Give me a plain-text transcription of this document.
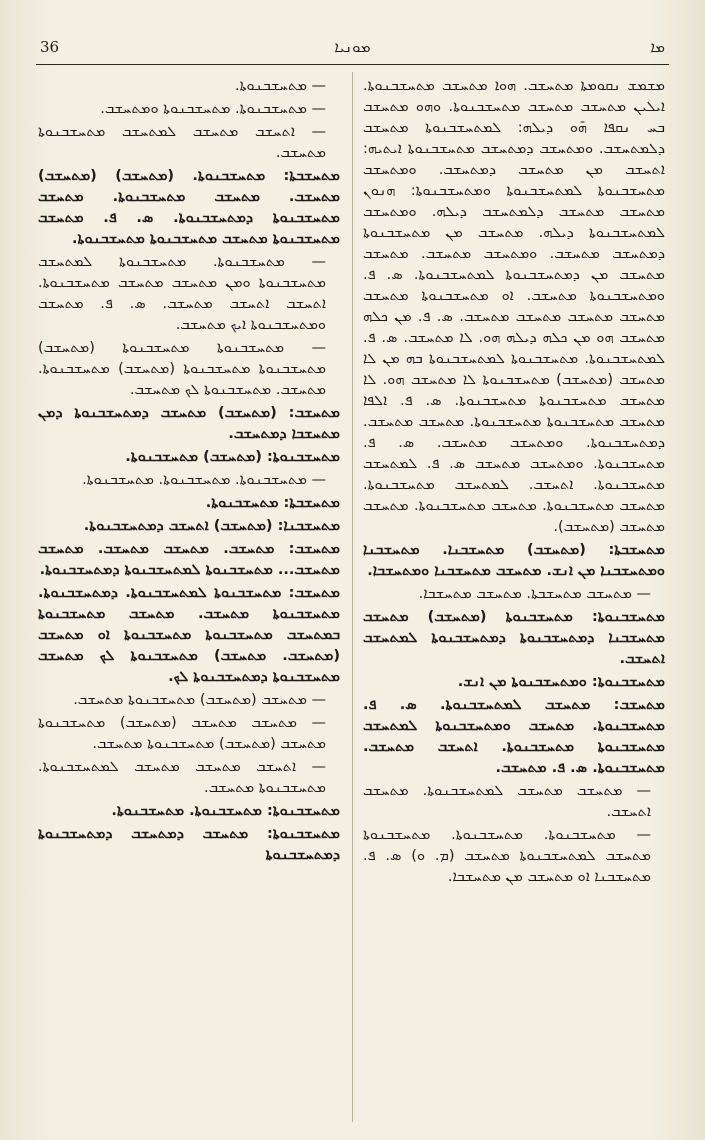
36	ܡܘܢܝܐ	ܡܐ

ܡܫܡܫ ܢܩܘܡܬܐ ܡܬܚܫܒ. ܗܘܐ ܡܬܚܫܒ ܡܬܚܫܒܢܘܬܐ. ܐܝܠܝܢ ܡܬܚܫܒ ܡܬܚܫܒ ܡܬܚܫܒܢܘܬܐ. ܘܗܘ ܡܬܚܫܒ ܒܚ ܢܩܦܐ ܗ̄ܘ ܕܝܠܗ: ܠܡܬܚܫܒܢܘܬܐ ܡܬܚܫܒ ܕܠܡܬܚܫܒ. ܘܡܬܚܫܒ ܕܡܬܚܫܒ ܡܬܚܫܒܢܘܬܐ ܐܝܬܝܗ: ܐܬܚܫܒ ܡܢ ܡܬܚܫܒ ܕܡܬܚܫܒ. ܘܡܬܚܫܒ ܡܬܚܫܒܢܘܬܐ ܠܡܬܚܫܒܢܘܬܐ ܘܡܬܚܫܒܢܘܬܐ: ܗܢܘܢ ܡܬܚܫܒ ܡܬܚܫܒ ܕܠܡܬܚܫܒ ܕܝܠܗ. ܘܡܬܚܫܒ ܠܡܬܚܫܒܢܘܬܐ ܕܝܠܗ. ܡܬܚܫܒ ܡܢ ܡܬܚܫܒܢܘܬܐ ܕܡܬܚܫܒ ܡܬܚܫܒ. ܘܡܬܚܫܒ ܡܬܚܫܒ. ܡܬܚܫܒ ܡܬܚܫܒ ܡܢ ܕܡܬܚܫܒܢܘܬܐ ܠܡܬܚܫܒܢܘܬܐ. ܣ. ܦ. ܘܡܬܚܫܒܢܘܬܐ ܡܬܚܫܒ. ܐܘ ܡܬܚܫܒܢܘܬܐ ܡܬܚܫܒ ܡܬܚܫܒ ܡܬܚܫܒ ܡܬܚܫܒ ܡܬܚܫܒ. ܣ. ܦ. ܡܢ ܟܠܗ ܡܬܚܫܒ ܗܘ ܡܢ ܟܠܗ ܕܝܠܗ ܗܘ. ܠܐ ܡܬܚܫܒ. ܣ. ܦ. ܠܡܬܚܫܒܢܘܬܐ. ܡܬܚܫܒܢܘܬܐ ܠܡܬܚܫܒܢܘܬܐ ܒܗ ܡܢ ܠܐ ܡܬܚܫܒ (ܡܬܚܫܒ) ܡܬܚܫܒܢܘܬܐ ܠܐ ܡܬܚܫܒ ܗܘ. ܠܐ ܡܬܚܫܒ ܡܬܚܫܒܢܘܬܐ ܡܬܚܫܒܢܘܬܐ. ܣ. ܦ. ܐܠܦܐ ܡܬܚܫܒ ܡܬܚܫܒܢܘܬܐ ܡܬܚܫܒܢܘܬܐ. ܡܬܚܫܒ ܡܬܚܫܒ. ܕܡܬܚܫܒܢܘܬܐ. ܘܡܬܚܫܒ ܡܬܚܫܒ. ܣ. ܦ. ܡܬܚܫܒܢܘܬܐ. ܘܡܬܚܫܒ ܡܬܚܫܒ ܣ. ܦ. ܠܡܬܚܫܒ ܡܬܚܫܒܢܘܬܐ. ܐܬܚܫܒ. ܠܡܬܚܫܒ ܡܬܚܫܒܢܘܬܐ. ܡܬܚܫܒ ܡܬܚܫܒܢܘܬܐ. ܡܬܚܫܒ ܡܬܚܫܒܢܘܬܐ. ܡܬܚܫܒ ܡܬܚܫܒ (ܡܬܚܫܒ).

ܡܬܚܫܒܬܐ: (ܡܬܚܫܒ) ܡܬܚܫܒܢܐ. ܡܬܚܫܒܢܐ ܘܡܬܚܫܒܢܐ ܡܢ ܐܢܫ. ܡܬܚܫܒ ܡܬܚܫܒܢܐ ܘܡܬܚܫܒܐ.

— ܡܬܚܫܒ ܡܬܚܫܒܬܐ. ܡܬܚܫܒ ܡܬܚܫܒܐ.

ܡܬܚܫܒܢܘܬܐ: ܡܬܚܫܒܢܘܬܐ (ܡܬܚܫܒ) ܡܬܚܫܒ ܡܬܚܫܒܢܐ ܕܡܬܚܫܒܢܘܬܐ ܕܡܬܚܫܒܢܘܬܐ ܠܡܬܚܫܒ ܐܬܚܫܒ.

ܡܬܚܫܒܢܘܬܐ: ܘܡܬܚܫܒܢܘܬܐ ܡܢ ܐܢܫ.

ܡܬܚܫܒ: ܡܬܚܫܒ ܠܡܬܚܫܒܢܘܬܐ. ܣ. ܦ. ܡܬܚܫܒܢܘܬܐ. ܡܬܚܫܒ ܘܡܬܚܫܒܢܘܬܐ ܠܡܬܚܫܒ ܡܬܚܫܒܢܘܬܐ ܡܬܚܫܒܢܘܬܐ. ܐܬܚܫܒ ܡܬܚܫܒ. ܡܬܚܫܒܢܘܬܐ. ܣ. ܦ. ܡܬܚܫܒ.

— ܡܬܚܫܒ ܡܬܚܫܒ ܠܡܬܚܫܒܢܘܬܐ. ܡܬܚܫܒ ܐܬܚܫܒ.

— ܡܬܚܫܒܢܘܬܐ. ܡܬܚܫܒܢܘܬܐ. ܡܬܚܫܒܢܘܬܐ ܡܬܚܫܒ ܠܡܬܚܫܒܢܘܬܐ ܡܬܚܫܒ (ܡ. ܘ) ܣ. ܦ. ܡܬܚܫܒܢܐ ܐܘ ܡܬܚܫܒ ܡܢ ܡܬܚܫܒܐ.

— ܡܬܚܫܒܢܘܬܐ.

— ܡܬܚܫܒܢܘܬܐ. ܡܬܚܫܒܢܘܬܐ ܘܡܬܚܫܒ.

— ܐܬܚܫܒ ܡܬܚܫܒ ܠܡܬܚܫܒ ܡܬܚܫܒܢܘܬܐ ܡܬܚܫܒ.

ܡܬܚܫܒܬܐ: ܡܬܚܫܒܢܘܬܐ. (ܡܬܚܫܒ) (ܡܬܚܫܒ) ܡܬܚܫܒ. ܡܬܚܫܒ ܡܬܚܫܒܢܘܬܐ. ܡܬܚܫܒ ܡܬܚܫܒܢܘܬܐ ܕܡܬܚܫܒܢܘܬܐ. ܣ. ܦ. ܡܬܚܫܒ ܡܬܚܫܒܢܘܬܐ ܡܬܚܫܒ ܡܬܚܫܒܢܘܬܐ ܡܬܚܫܒܢܘܬܐ.

— ܡܬܚܫܒܢܘܬܐ. ܡܬܚܫܒܢܘܬܐ ܠܡܬܚܫܒ ܡܬܚܫܒܢܘܬܐ ܘܡܢ ܡܬܚܫܒ ܡܬܚܫܒ ܡܬܚܫܒܢܘܬܐ. ܐܬܚܫܒ ܐܬܚܫܒ ܡܬܚܫܒ. ܣ. ܦ. ܡܬܚܫܒ ܘܡܬܚܫܒܢܘܬܐ ܐܝܟ ܡܬܚܫܒ.

— ܡܬܚܫܒܢܘܬܐ ܡܬܚܫܒܢܘܬܐ (ܡܬܚܫܒ) ܡܬܚܫܒܢܘܬܐ ܡܬܚܫܒܢܘܬܐ (ܡܬܚܫܒ) ܡܬܚܫܒܢܘܬܐ. ܡܬܚܫܒ. ܡܬܚܫܒܢܘܬܐ ܠܟ ܡܬܚܫܒ.

ܡܬܚܫܒ: (ܡܬܚܫܒ) ܡܬܚܫܒ ܕܡܬܚܫܒܢܘܬܐ ܕܡܢ ܡܬܚܫܒܐ ܕܡܬܚܫܒ.

ܡܬܚܫܒܢܘܬܐ: (ܡܬܚܫܒ) ܡܬܚܫܒܢܘܬܐ.

— ܡܬܚܫܒܢܘܬܐ. ܡܬܚܫܒܢܘܬܐ. ܡܬܚܫܒܢܘܬܐ.

ܡܬܚܫܒܬܐ: ܡܬܚܫܒܢܘܬܐ.

ܡܬܚܫܒܢܐ: (ܡܬܚܫܒ) ܐܬܚܫܒ ܕܡܬܚܫܒܢܘܬܐ.

ܡܬܚܫܒ: ܡܬܚܫܒ. ܡܬܚܫܒ ܡܬܚܫܒ. ܡܬܚܫܒ ܡܬܚܫܒ... ܡܬܚܫܒܢܘܬܐ ܠܡܬܚܫܒܢܘܬܐ ܕܡܬܚܫܒܢܘܬܐ.

ܡܬܚܫܒ: ܡܬܚܫܒܢܘܬܐ ܠܡܬܚܫܒܢܘܬܐ. ܕܡܬܚܫܒܢܘܬܐ. ܡܬܚܫܒܢܘܬܐ ܡܬܚܫܒ. ܡܬܚܫܒ ܡܬܚܫܒܢܘܬܐ ܒܡܬܚܫܒ ܡܬܚܫܒܢܘܬܐ ܡܬܚܫܒܢܘܬܐ ܐܘ ܡܬܚܫܒ (ܡܬܚܫܒ. ܡܬܚܫܒ) ܡܬܚܫܒܢܘܬܐ ܠܟ ܡܬܚܫܒ ܡܬܚܫܒܢܘܬܐ ܕܡܬܚܫܒܢܘܬܐ ܠܟ.

— ܡܬܚܫܒ (ܡܬܚܫܒ) ܡܬܚܫܒܢܘܬܐ ܡܬܚܫܒ.

— ܡܬܚܫܒ ܡܬܚܫܒ (ܡܬܚܫܒ) ܡܬܚܫܒܢܘܬܐ ܡܬܚܫܒ (ܡܬܚܫܒ) ܡܬܚܫܒܢܘܬܐ ܡܬܚܫܒ.

— ܐܬܚܫܒ ܡܬܚܫܒ ܡܬܚܫܒ ܠܡܬܚܫܒܢܘܬܐ. ܡܬܚܫܒܢܘܬܐ ܡܬܚܫܒ.

ܡܬܚܫܒܢܘܬܐ: ܡܬܚܫܒܢܘܬܐ. ܡܬܚܫܒܢܘܬܐ.

ܡܬܚܫܒܢܘܬܐ: ܡܬܚܫܒ ܕܡܬܚܫܒ ܕܡܬܚܫܒܢܘܬܐ ܕܡܬܚܫܒܢܘܬܐ
